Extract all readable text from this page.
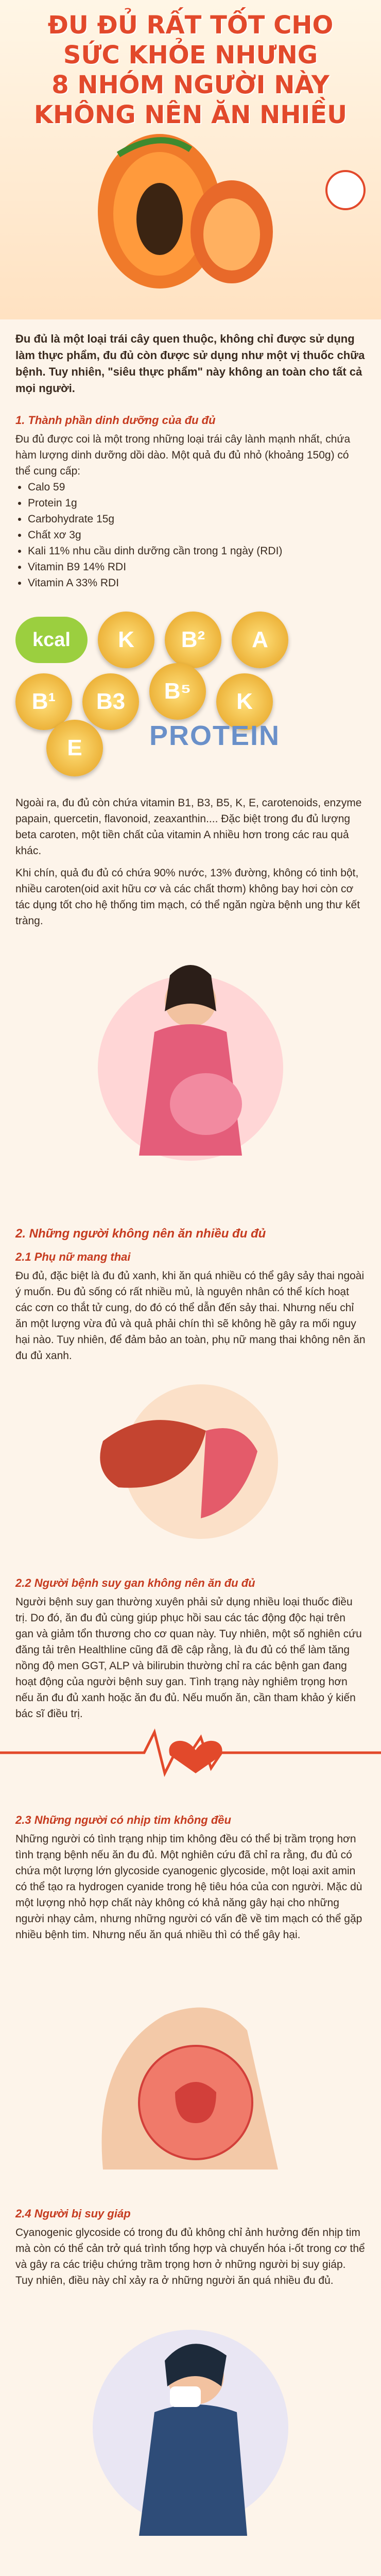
ĐU ĐỦ RẤT TỐT CHO
SỨC KHỎE NHƯNG
8 NHÓM NGƯỜI NÀY
KHÔNG NÊN ĂN NHIỀU
Đu đủ là một loại trái cây quen thuộc, không chỉ được sử dụng làm thực phẩm, đu đủ còn được sử dụng như một vị thuốc chữa bệnh. Tuy nhiên, "siêu thực phẩm" này không an toàn cho tất cả mọi người.
1. Thành phần dinh dưỡng của đu đủ
Đu đủ được coi là một trong những loại trái cây lành mạnh nhất, chứa hàm lượng dinh dưỡng dồi dào. Một quả đu đủ nhỏ (khoảng 150g) có thể cung cấp:
• Calo 59
• Protein 1g
• Carbohydrate 15g
• Chất xơ 3g
• Kali 11% nhu cầu dinh dưỡng cần trong 1 ngày (RDI)
• Vitamin B9 14% RDI
• Vitamin A 33% RDI
kcal	K	B²	A
B¹	B3	B⁵	K
E	PROTEIN
Ngoài ra, đu đủ còn chứa vitamin B1, B3, B5, K, E, carotenoids, enzyme papain, quercetin, flavonoid, zeaxanthin.... Đặc biệt trong đu đủ lượng beta caroten, một tiền chất của vitamin A nhiều hơn trong các rau quả khác.
Khi chín, quả đu đủ có chứa 90% nước, 13% đường, không có tinh bột, nhiều caroten(oid axit hữu cơ và các chất thơm) không bay hơi còn cơ tác dụng tốt cho hệ thống tim mạch, có thể ngăn ngừa bệnh ung thư kết tràng.
2. Những người không nên ăn nhiều đu đủ
2.1 Phụ nữ mang thai
Đu đủ, đặc biệt là đu đủ xanh, khi ăn quá nhiều có thể gây sảy thai ngoài ý muốn. Đu đủ sống có rất nhiều mủ, là nguyên nhân có thể kích hoạt các cơn co thắt tử cung, do đó có thể dẫn đến sảy thai. Nhưng nếu chỉ ăn một lượng vừa đủ và quả phải chín thì sẽ không hề gây ra mối nguy hại nào. Tuy nhiên, để đảm bảo an toàn, phụ nữ mang thai không nên ăn đu đủ xanh.
2.2 Người bệnh suy gan không nên ăn đu đủ
Người bệnh suy gan thường xuyên phải sử dụng nhiều loại thuốc điều trị. Do đó, ăn đu đủ cùng giúp phục hồi sau các tác động độc hại trên gan và giảm tổn thương cho cơ quan này. Tuy nhiên, một số nghiên cứu đăng tải trên Healthline cũng đã đề cập rằng, là đu đủ có thể làm tăng nồng độ men GGT, ALP và bilirubin thường chỉ ra các bệnh gan đang hoạt động của người bệnh suy gan. Tình trạng này nghiêm trọng hơn nếu ăn đu đủ xanh hoặc ăn đu đủ. Nếu muốn ăn, cần tham khảo ý kiến bác sĩ điều trị.
2.3 Những người có nhịp tim không đều
Những người có tình trạng nhịp tim không đều có thể bị trầm trọng hơn tình trạng bệnh nếu ăn đu đủ. Một nghiên cứu đã chỉ ra rằng, đu đủ có chứa một lượng lớn glycoside cyanogenic glycoside, một loại axit amin có thể tạo ra hydrogen cyanide trong hệ tiêu hóa của con người. Mặc dù một lượng nhỏ hợp chất này không có khả năng gây hại cho những người nhạy cảm, nhưng những người có vấn đề về tim mạch có thể gặp nhiều bệnh tim. Nhưng nếu ăn quá nhiều thì có thể gây hại.
2.4 Người bị suy giáp
Cyanogenic glycoside có trong đu đủ không chỉ ảnh hưởng đến nhịp tim mà còn có thể cản trở quá trình tổng hợp và chuyển hóa i-ốt trong cơ thể và gây ra các triệu chứng trầm trọng hơn ở những người bị suy giáp. Tuy nhiên, điều này chỉ xảy ra ở những người ăn quá nhiều đu đủ.
